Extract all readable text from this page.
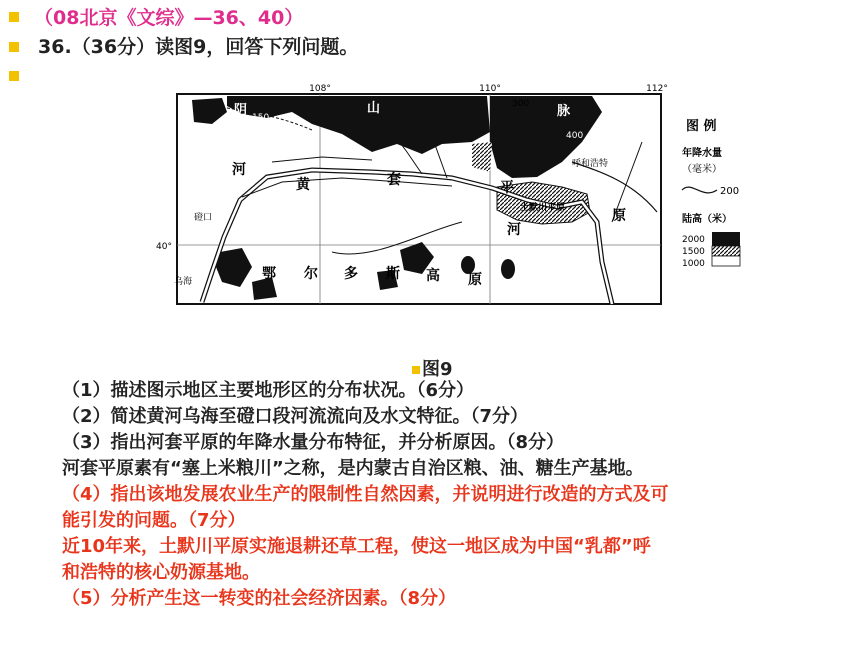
（08北京《文综》—36、40）
36.（36分）读图9，回答下列问题。
108°	110°	112°
40°
阴	山	脉
150
300
400
河
黄	套	平
原
河
呼和浩特
土默川平原
磴口
乌海	鄂 尔 多 斯 高 原
图 例
年降水量
（毫米）
200
陆高（米）
2000
1500
1000
图9
（1）描述图示地区主要地形区的分布状况。（6分）
（2）简述黄河乌海至磴口段河流流向及水文特征。（7分）
（3）指出河套平原的年降水量分布特征，并分析原因。（8分）
河套平原素有“塞上米粮川”之称，是内蒙古自治区粮、油、糖生产基地。
（4）指出该地发展农业生产的限制性自然因素，并说明进行改造的方式及可
能引发的问题。（7分）
近10年来，土默川平原实施退耕还草工程，使这一地区成为中国“乳都”呼
和浩特的核心奶源基地。
（5）分析产生这一转变的社会经济因素。（8分）
